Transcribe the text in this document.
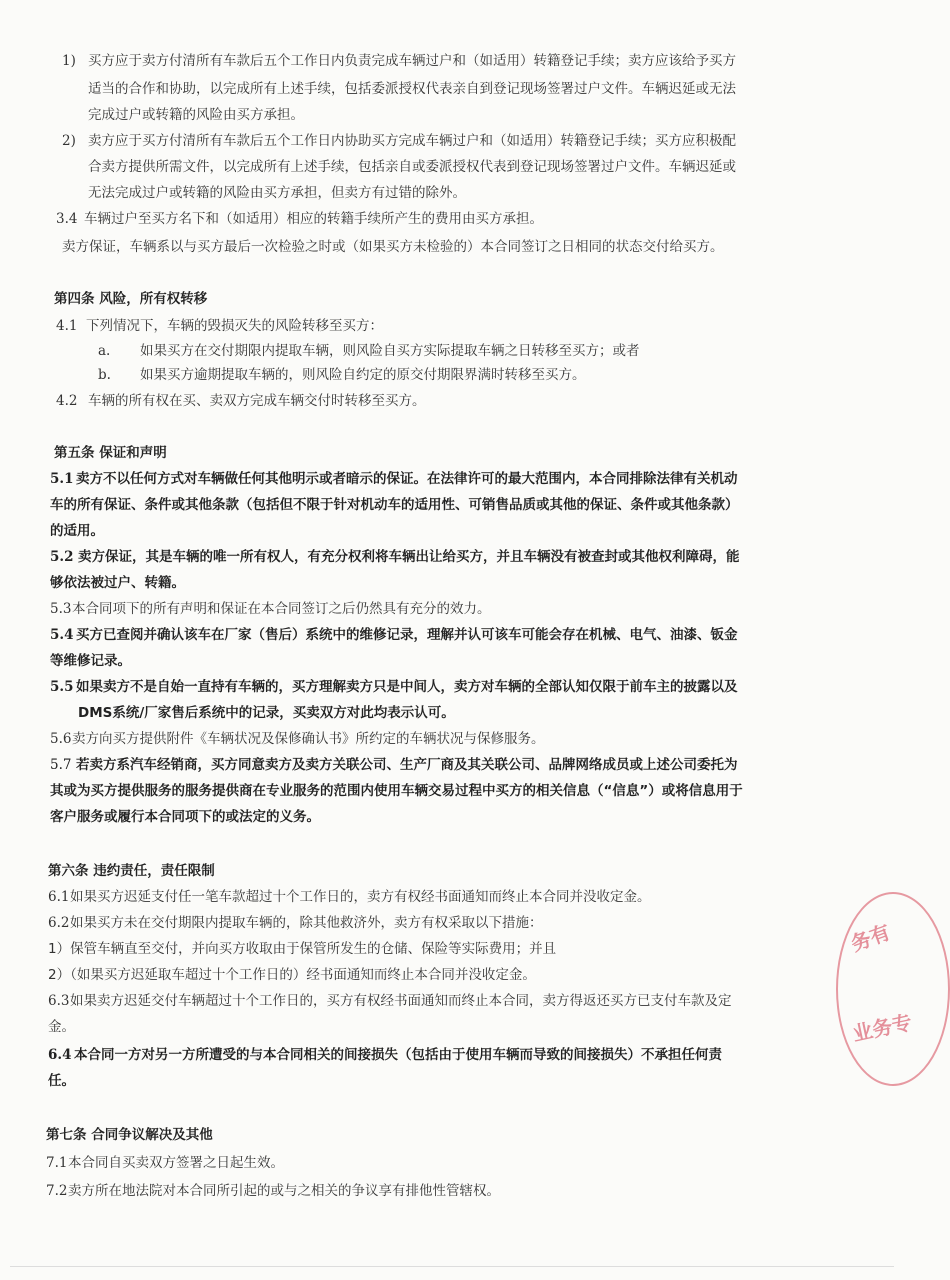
1) 买方应于卖方付清所有车款后五个工作日内负责完成车辆过户和（如适用）转籍登记手续；卖方应该给予买方
适当的合作和协助，以完成所有上述手续，包括委派授权代表亲自到登记现场签署过户文件。车辆迟延或无法
完成过户或转籍的风险由买方承担。
2) 卖方应于买方付清所有车款后五个工作日内协助买方完成车辆过户和（如适用）转籍登记手续；买方应积极配
合卖方提供所需文件，以完成所有上述手续，包括亲自或委派授权代表到登记现场签署过户文件。车辆迟延或
无法完成过户或转籍的风险由买方承担，但卖方有过错的除外。
3.4 车辆过户至买方名下和（如适用）相应的转籍手续所产生的费用由买方承担。
卖方保证，车辆系以与买方最后一次检验之时或（如果买方未检验的）本合同签订之日相同的状态交付给买方。
第四条 风险，所有权转移
4.1 下列情况下，车辆的毁损灭失的风险转移至买方：
a. 如果买方在交付期限内提取车辆，则风险自买方实际提取车辆之日转移至买方；或者
b. 如果买方逾期提取车辆的，则风险自约定的原交付期限界满时转移至买方。
4.2 车辆的所有权在买、卖双方完成车辆交付时转移至买方。
第五条 保证和声明
5.1 卖方不以任何方式对车辆做任何其他明示或者暗示的保证。在法律许可的最大范围内，本合同排除法律有关机动
车的所有保证、条件或其他条款（包括但不限于针对机动车的适用性、可销售品质或其他的保证、条件或其他条款）
的适用。
5.2 卖方保证，其是车辆的唯一所有权人，有充分权利将车辆出让给买方，并且车辆没有被查封或其他权利障碍，能
够依法被过户、转籍。
5.3本合同项下的所有声明和保证在本合同签订之后仍然具有充分的效力。
5.4 买方已查阅并确认该车在厂家（售后）系统中的维修记录，理解并认可该车可能会存在机械、电气、油漆、钣金
等维修记录。
5.5 如果卖方不是自始一直持有车辆的，买方理解卖方只是中间人，卖方对车辆的全部认知仅限于前车主的披露以及
DMS系统/厂家售后系统中的记录，买卖双方对此均表示认可。
5.6卖方向买方提供附件《车辆状况及保修确认书》所约定的车辆状况与保修服务。
5.7 若卖方系汽车经销商，买方同意卖方及卖方关联公司、生产厂商及其关联公司、品牌网络成员或上述公司委托为
其或为买方提供服务的服务提供商在专业服务的范围内使用车辆交易过程中买方的相关信息（“信息”）或将信息用于
客户服务或履行本合同项下的或法定的义务。
第六条 违约责任，责任限制
6.1如果买方迟延支付任一笔车款超过十个工作日的，卖方有权经书面通知而终止本合同并没收定金。
6.2如果买方未在交付期限内提取车辆的，除其他救济外，卖方有权采取以下措施：
1）保管车辆直至交付，并向买方收取由于保管所发生的仓储、保险等实际费用；并且
2）（如果买方迟延取车超过十个工作日的）经书面通知而终止本合同并没收定金。
6.3如果卖方迟延交付车辆超过十个工作日的，买方有权经书面通知而终止本合同，卖方得返还买方已支付车款及定
金。
6.4 本合同一方对另一方所遭受的与本合同相关的间接损失（包括由于使用车辆而导致的间接损失）不承担任何责
任。
第七条 合同争议解决及其他
7.1本合同自买卖双方签署之日起生效。
7.2卖方所在地法院对本合同所引起的或与之相关的争议享有排他性管辖权。
务有
业务专
